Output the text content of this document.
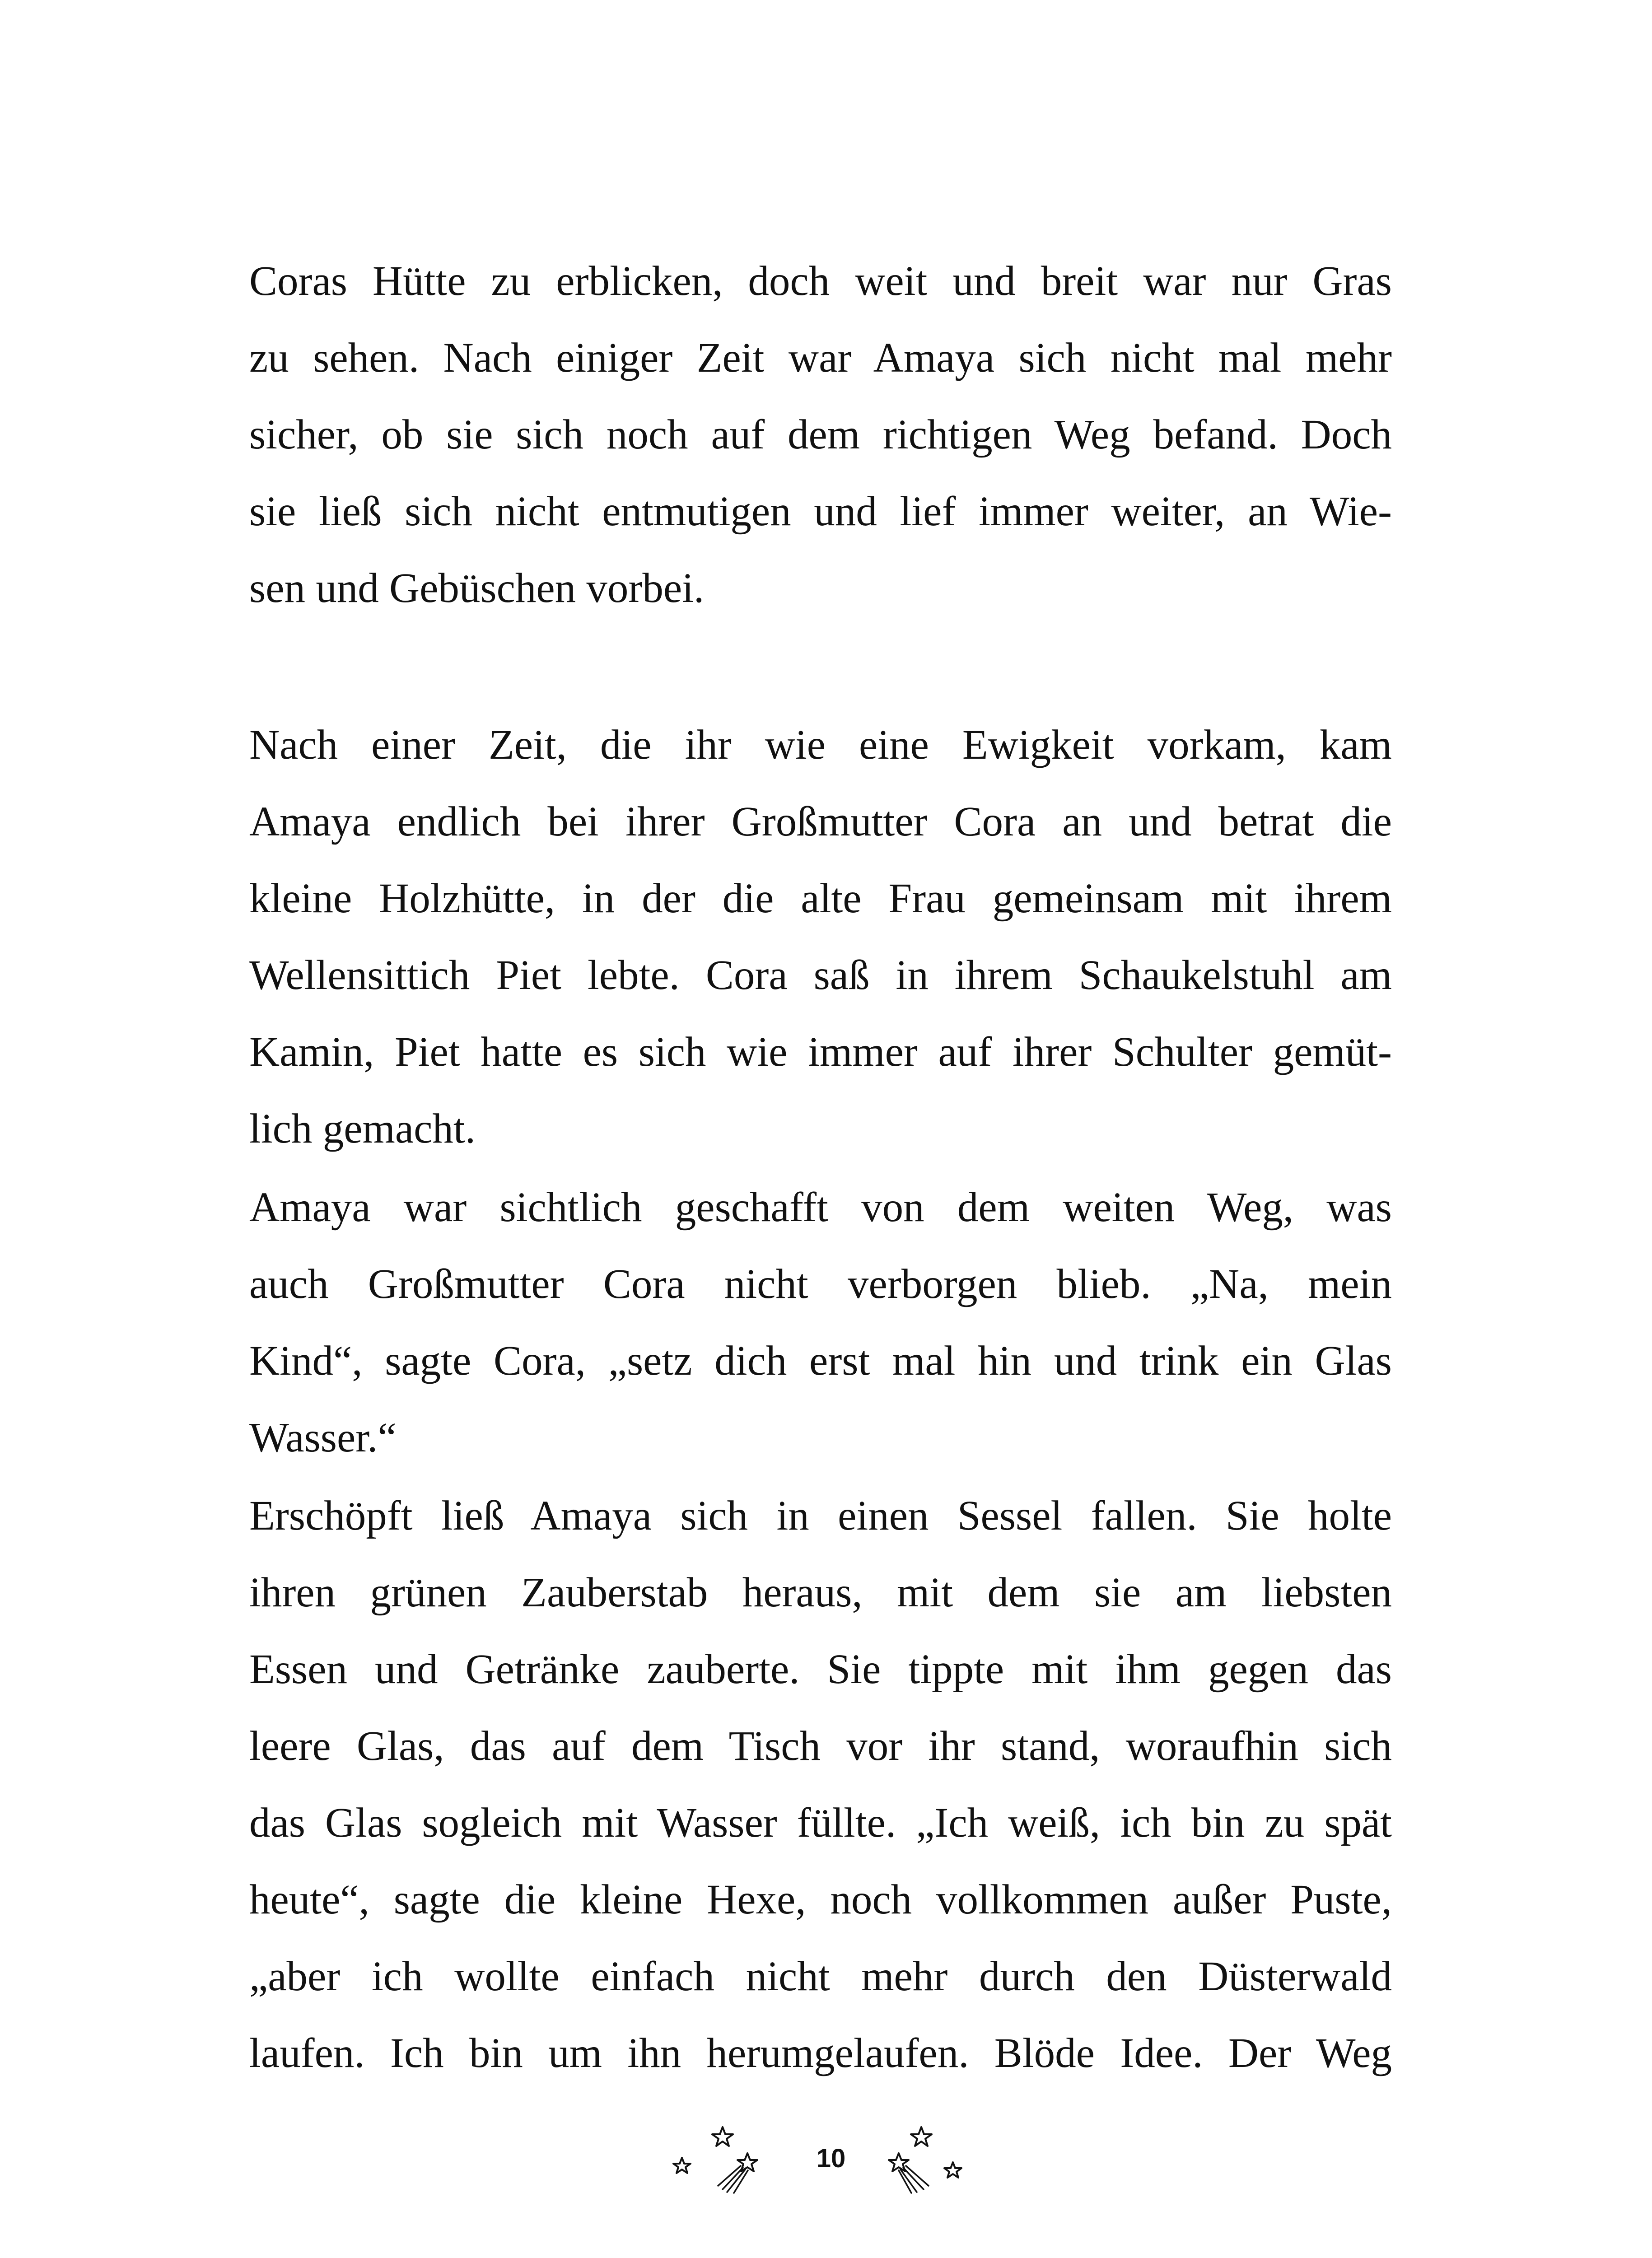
Coras Hütte zu erblicken, doch weit und breit war nur Gras
zu sehen. Nach einiger Zeit war Amaya sich nicht mal mehr
sicher, ob sie sich noch auf dem richtigen Weg befand. Doch
sie ließ sich nicht entmutigen und lief immer weiter, an Wie-
sen und Gebüschen vorbei.
Nach einer Zeit, die ihr wie eine Ewigkeit vorkam, kam
Amaya endlich bei ihrer Großmutter Cora an und betrat die
kleine Holzhütte, in der die alte Frau gemeinsam mit ihrem
Wellensittich Piet lebte. Cora saß in ihrem Schaukelstuhl am
Kamin, Piet hatte es sich wie immer auf ihrer Schulter gemüt-
lich gemacht.
Amaya war sichtlich geschafft von dem weiten Weg, was
auch Großmutter Cora nicht verborgen blieb. „Na, mein
Kind“, sagte Cora, „setz dich erst mal hin und trink ein Glas
Wasser.“
Erschöpft ließ Amaya sich in einen Sessel fallen. Sie holte
ihren grünen Zauberstab heraus, mit dem sie am liebsten
Essen und Getränke zauberte. Sie tippte mit ihm gegen das
leere Glas, das auf dem Tisch vor ihr stand, woraufhin sich
das Glas sogleich mit Wasser füllte. „Ich weiß, ich bin zu spät
heute“, sagte die kleine Hexe, noch vollkommen außer Puste,
„aber ich wollte einfach nicht mehr durch den Düsterwald
laufen. Ich bin um ihn herumgelaufen. Blöde Idee. Der Weg
10
